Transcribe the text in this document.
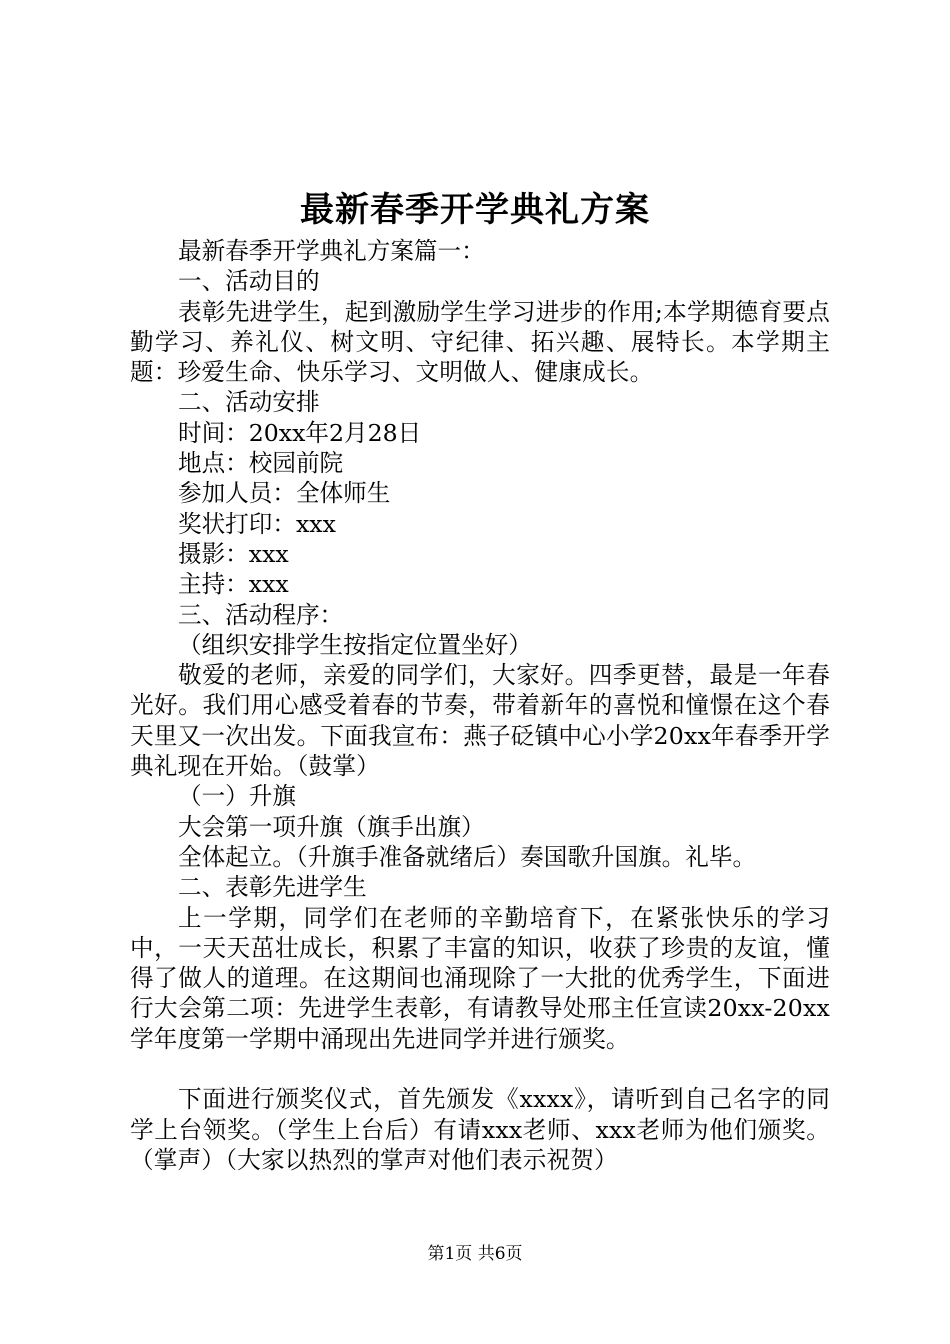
最新春季开学典礼方案

最新春季开学典礼方案篇一：

一、活动目的

表彰先进学生，起到激励学生学习进步的作用;本学期德育要点勤学习、养礼仪、树文明、守纪律、拓兴趣、展特长。本学期主题：珍爱生命、快乐学习、文明做人、健康成长。

二、活动安排

时间：20xx年2月28日

地点：校园前院

参加人员：全体师生

奖状打印：xxx

摄影：xxx

主持：xxx

三、活动程序：

（组织安排学生按指定位置坐好）

敬爱的老师，亲爱的同学们，大家好。四季更替，最是一年春光好。我们用心感受着春的节奏，带着新年的喜悦和憧憬在这个春天里又一次出发。下面我宣布：燕子砭镇中心小学20xx年春季开学典礼现在开始。（鼓掌）

（一）升旗

大会第一项升旗（旗手出旗）

全体起立。（升旗手准备就绪后）奏国歌升国旗。礼毕。

二、表彰先进学生

上一学期，同学们在老师的辛勤培育下，在紧张快乐的学习中，一天天茁壮成长，积累了丰富的知识，收获了珍贵的友谊，懂得了做人的道理。在这期间也涌现除了一大批的优秀学生，下面进行大会第二项：先进学生表彰，有请教导处邢主任宣读20xx-20xx学年度第一学期中涌现出先进同学并进行颁奖。

下面进行颁奖仪式，首先颁发《xxxx》，请听到自己名字的同学上台领奖。（学生上台后）有请xxx老师、xxx老师为他们颁奖。（掌声）（大家以热烈的掌声对他们表示祝贺）

第1页 共6页
